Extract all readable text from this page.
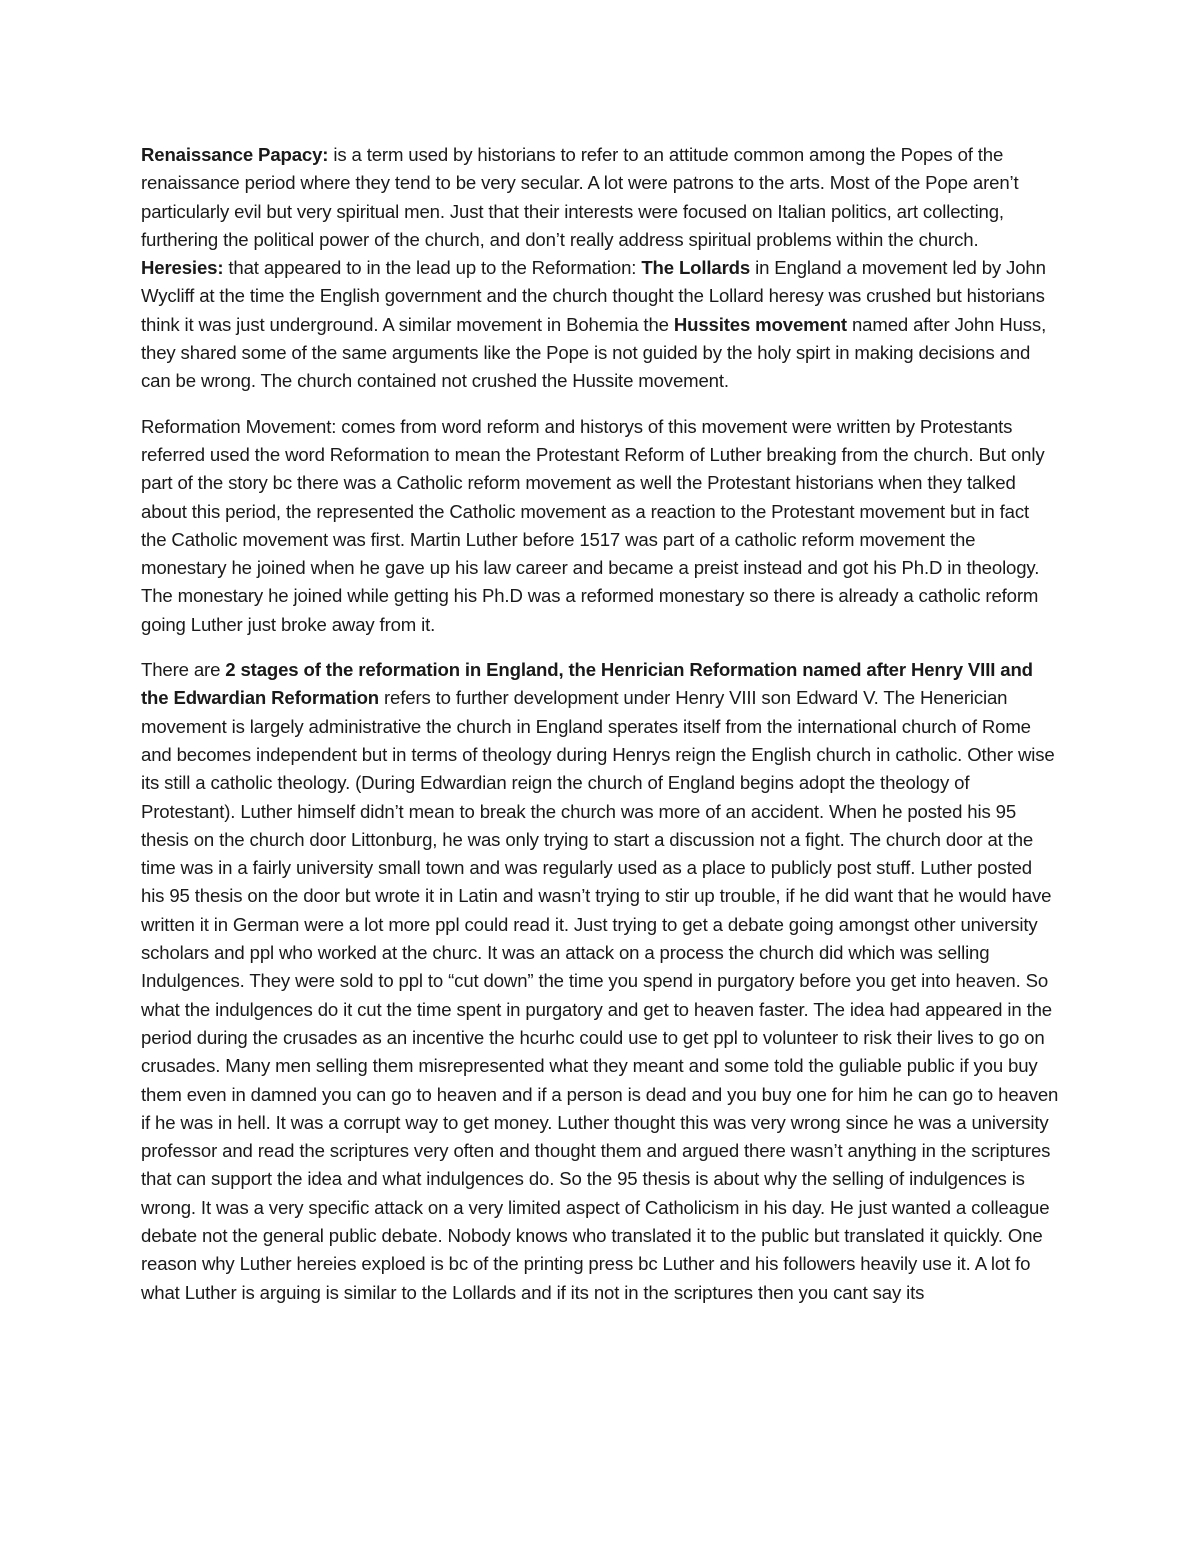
Renaissance Papacy: is a term used by historians to refer to an attitude common among the Popes of the renaissance period where they tend to be very secular. A lot were patrons to the arts. Most of the Pope aren’t particularly evil but very spiritual men. Just that their interests were focused on Italian politics, art collecting, furthering the political power of the church, and don’t really address spiritual problems within the church. Heresies: that appeared to in the lead up to the Reformation: The Lollards in England a movement led by John Wycliff at the time the English government and the church thought the Lollard heresy was crushed but historians think it was just underground. A similar movement in Bohemia the Hussites movement named after John Huss, they shared some of the same arguments like the Pope is not guided by the holy spirt in making decisions and can be wrong. The church contained not crushed the Hussite movement.

Reformation Movement: comes from word reform and historys of this movement were written by Protestants referred used the word Reformation to mean the Protestant Reform of Luther breaking from the church. But only part of the story bc there was a Catholic reform movement as well the Protestant historians when they talked about this period, the represented the Catholic movement as a reaction to the Protestant movement but in fact the Catholic movement was first. Martin Luther before 1517 was part of a catholic reform movement the monestary he joined when he gave up his law career and became a preist instead and got his Ph.D in theology. The monestary he joined while getting his Ph.D was a reformed monestary so there is already a catholic reform going Luther just broke away from it.

There are 2 stages of the reformation in England, the Henrician Reformation named after Henry VIII and the Edwardian Reformation refers to further development under Henry VIII son Edward V. The Henerician movement is largely administrative the church in England sperates itself from the international church of Rome and becomes independent but in terms of theology during Henrys reign the English church in catholic. Other wise its still a catholic theology. (During Edwardian reign the church of England begins adopt the theology of Protestant). Luther himself didn’t mean to break the church was more of an accident. When he posted his 95 thesis on the church door Littonburg, he was only trying to start a discussion not a fight. The church door at the time was in a fairly university small town and was regularly used as a place to publicly post stuff. Luther posted his 95 thesis on the door but wrote it in Latin and wasn’t trying to stir up trouble, if he did want that he would have written it in German were a lot more ppl could read it. Just trying to get a debate going amongst other university scholars and ppl who worked at the churc. It was an attack on a process the church did which was selling Indulgences. They were sold to ppl to “cut down” the time you spend in purgatory before you get into heaven. So what the indulgences do it cut the time spent in purgatory and get to heaven faster. The idea had appeared in the period during the crusades as an incentive the hcurhc could use to get ppl to volunteer to risk their lives to go on crusades. Many men selling them misrepresented what they meant and some told the guliable public if you buy them even in damned you can go to heaven and if a person is dead and you buy one for him he can go to heaven if he was in hell. It was a corrupt way to get money. Luther thought this was very wrong since he was a university professor and read the scriptures very often and thought them and argued there wasn’t anything in the scriptures that can support the idea and what indulgences do. So the 95 thesis is about why the selling of indulgences is wrong. It was a very specific attack on a very limited aspect of Catholicism in his day. He just wanted a colleague debate not the general public debate. Nobody knows who translated it to the public but translated it quickly. One reason why Luther hereies exploed is bc of the printing press bc Luther and his followers heavily use it. A lot fo what Luther is arguing is similar to the Lollards and if its not in the scriptures then you cant say its
